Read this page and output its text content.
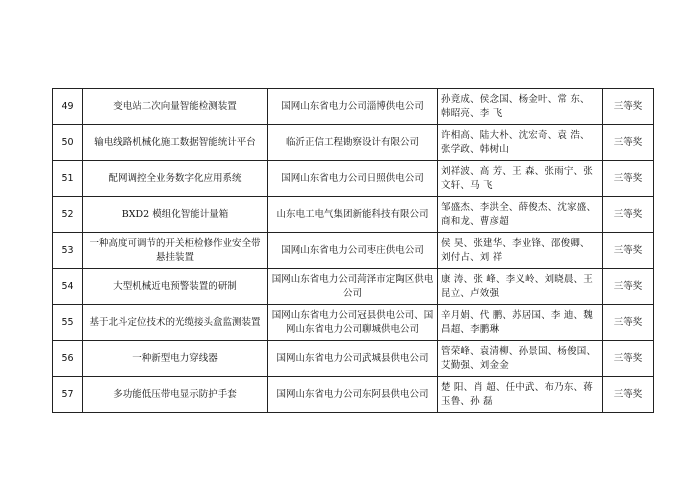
49	变电站二次向量智能检测装置	国网山东省电力公司淄博供电公司	孙竟成、侯念国、杨金叶、常 东、韩昭亮、李 飞	三等奖
50	输电线路机械化施工数据智能统计平台	临沂正信工程勘察设计有限公司	许相高、陆大朴、沈宏奇、袁 浩、张学政、韩树山	三等奖
51	配网调控全业务数字化应用系统	国网山东省电力公司日照供电公司	刘祥波、高 芳、王 森、张雨宁、张文轩、马 飞	三等奖
52	BXD2 模组化智能计量箱	山东电工电气集团新能科技有限公司	邹盛杰、李洪全、薛俊杰、沈家盛、商和龙、曹彦超	三等奖
53	一种高度可调节的开关柜检修作业安全带悬挂装置	国网山东省电力公司枣庄供电公司	侯 昊、张建华、李业锋、邵俊卿、刘付占、刘 祥	三等奖
54	大型机械近电预警装置的研制	国网山东省电力公司菏泽市定陶区供电公司	康 涛、张 峰、李义岭、刘晓晨、王昆立、卢效强	三等奖
55	基于北斗定位技术的光缆接头盒监测装置	国网山东省电力公司冠县供电公司、国网山东省电力公司聊城供电公司	辛月娟、代 鹏、苏居国、李 迪、魏昌超、李鹏琳	三等奖
56	一种新型电力穿线器	国网山东省电力公司武城县供电公司	管荣峰、袁清柳、孙景国、杨俊国、艾勤强、刘金金	三等奖
57	多功能低压带电显示防护手套	国网山东省电力公司东阿县供电公司	楚 阳、肖 超、任中武、布乃东、蒋玉鲁、孙 磊	三等奖
